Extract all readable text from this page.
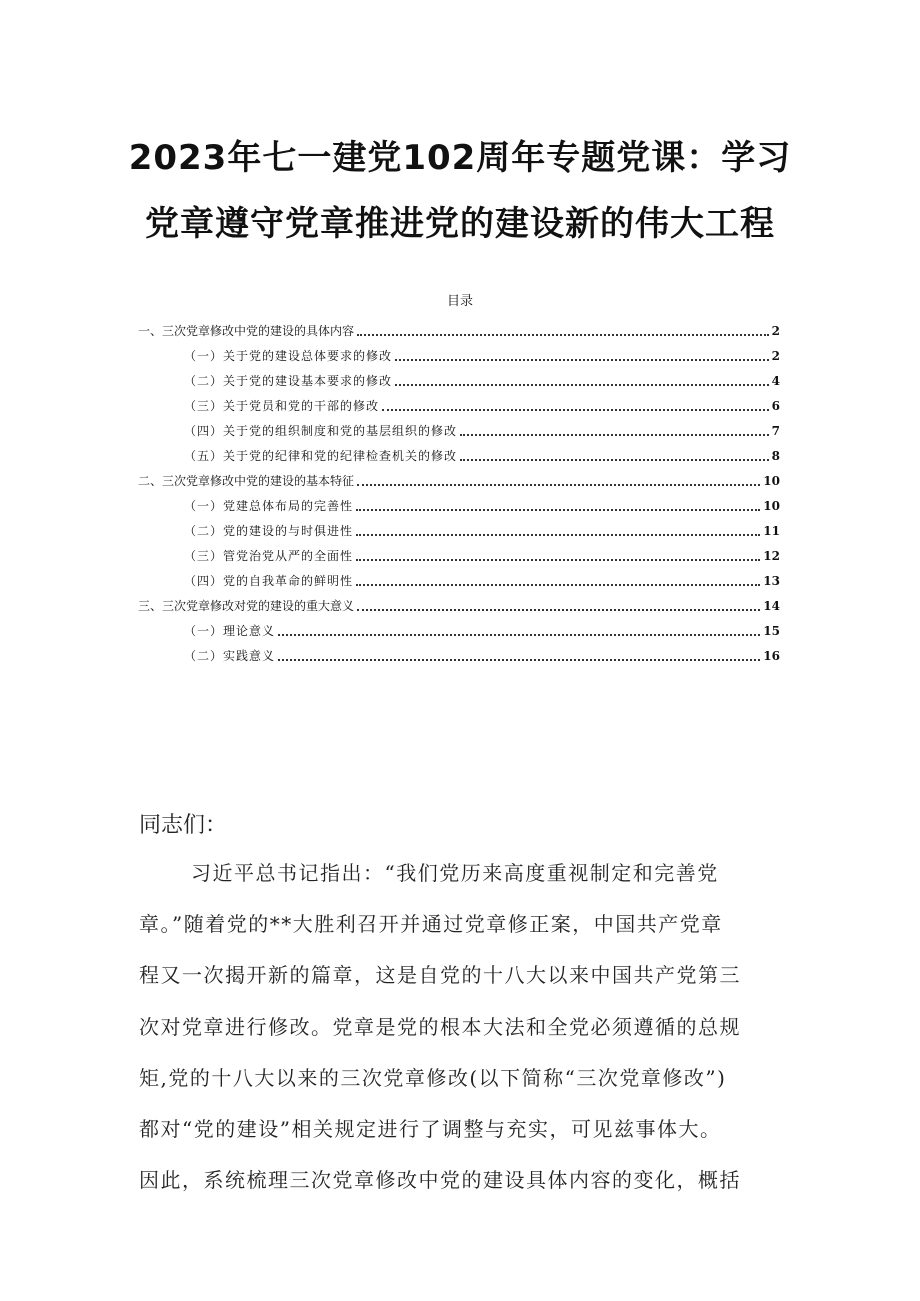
2023年七一建党102周年专题党课：学习
党章遵守党章推进党的建设新的伟大工程
目录
一、三次党章修改中党的建设的具体内容	2
（一）关于党的建设总体要求的修改	2
（二）关于党的建设基本要求的修改	4
（三）关于党员和党的干部的修改	6
（四）关于党的组织制度和党的基层组织的修改	7
（五）关于党的纪律和党的纪律检查机关的修改	8
二、三次党章修改中党的建设的基本特征	10
（一）党建总体布局的完善性	10
（二）党的建设的与时俱进性	11
（三）管党治党从严的全面性	12
（四）党的自我革命的鲜明性	13
三、三次党章修改对党的建设的重大意义	14
（一）理论意义	15
（二）实践意义	16
同志们：

习近平总书记指出：“我们党历来高度重视制定和完善党
章。”随着党的**大胜利召开并通过党章修正案，中国共产党章
程又一次揭开新的篇章，这是自党的十八大以来中国共产党第三
次对党章进行修改。党章是党的根本大法和全党必须遵循的总规
矩,党的十八大以来的三次党章修改(以下简称“三次党章修改”)
都对“党的建设”相关规定进行了调整与充实，可见兹事体大。
因此，系统梳理三次党章修改中党的建设具体内容的变化，概括
